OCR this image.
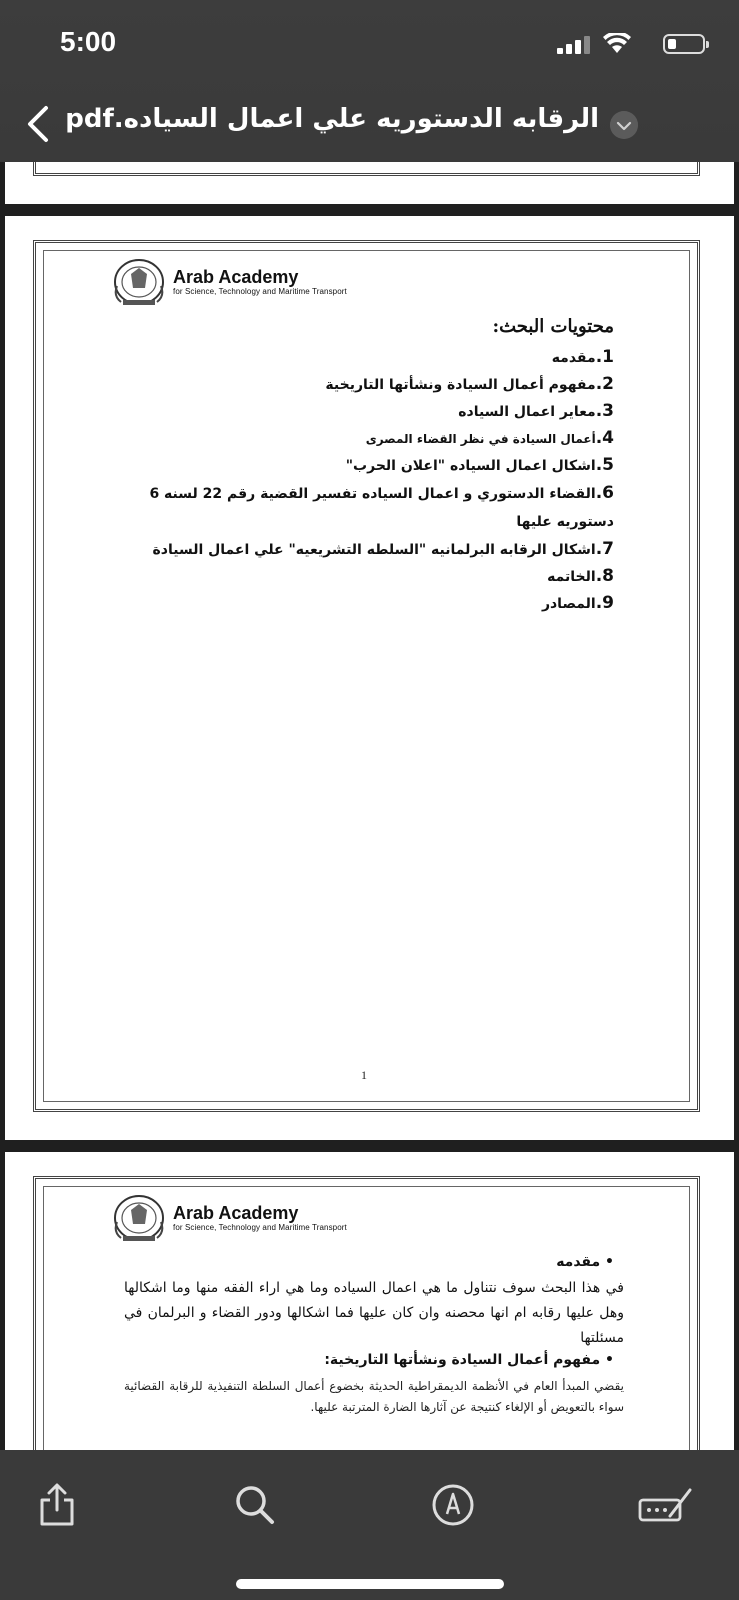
5:00
الرقابه الدستوريه علي اعمال السياده.pdf
Arab Academy
for Science, Technology and Maritime Transport
محتويات البحث:
1.مقدمه
2.مفهوم أعمال السيادة ونشأتها التاريخية
3.معاير اعمال السياده
4.أعمال السيادة في نظر القضاء المصرى
5.اشكال اعمال السياده "اعلان الحرب"
6.القضاء الدستوري و اعمال السياده تفسير القضية رقم 22 لسنه 6 دستوريه عليها
7.اشكال الرقابه البرلمانيه "السلطه التشريعيه" علي اعمال السيادة
8.الخاتمه
9.المصادر
1
Arab Academy
for Science, Technology and Maritime Transport
• مقدمه
في هذا البحث سوف نتناول ما هي اعمال السياده وما هي اراء الفقه منها وما اشكالها وهل عليها رقابه ام انها محصنه وان كان عليها فما اشكالها ودور القضاء و البرلمان في مسئلتها
• مفهوم أعمال السيادة ونشأتها التاريخية:
يقضي المبدأ العام في الأنظمة الديمقراطية الحديثة بخضوع أعمال السلطة التنفيذية للرقابة القضائية سواء بالتعويض أو الإلغاء كنتيجة عن آثارها الضارة المترتبة عليها.
